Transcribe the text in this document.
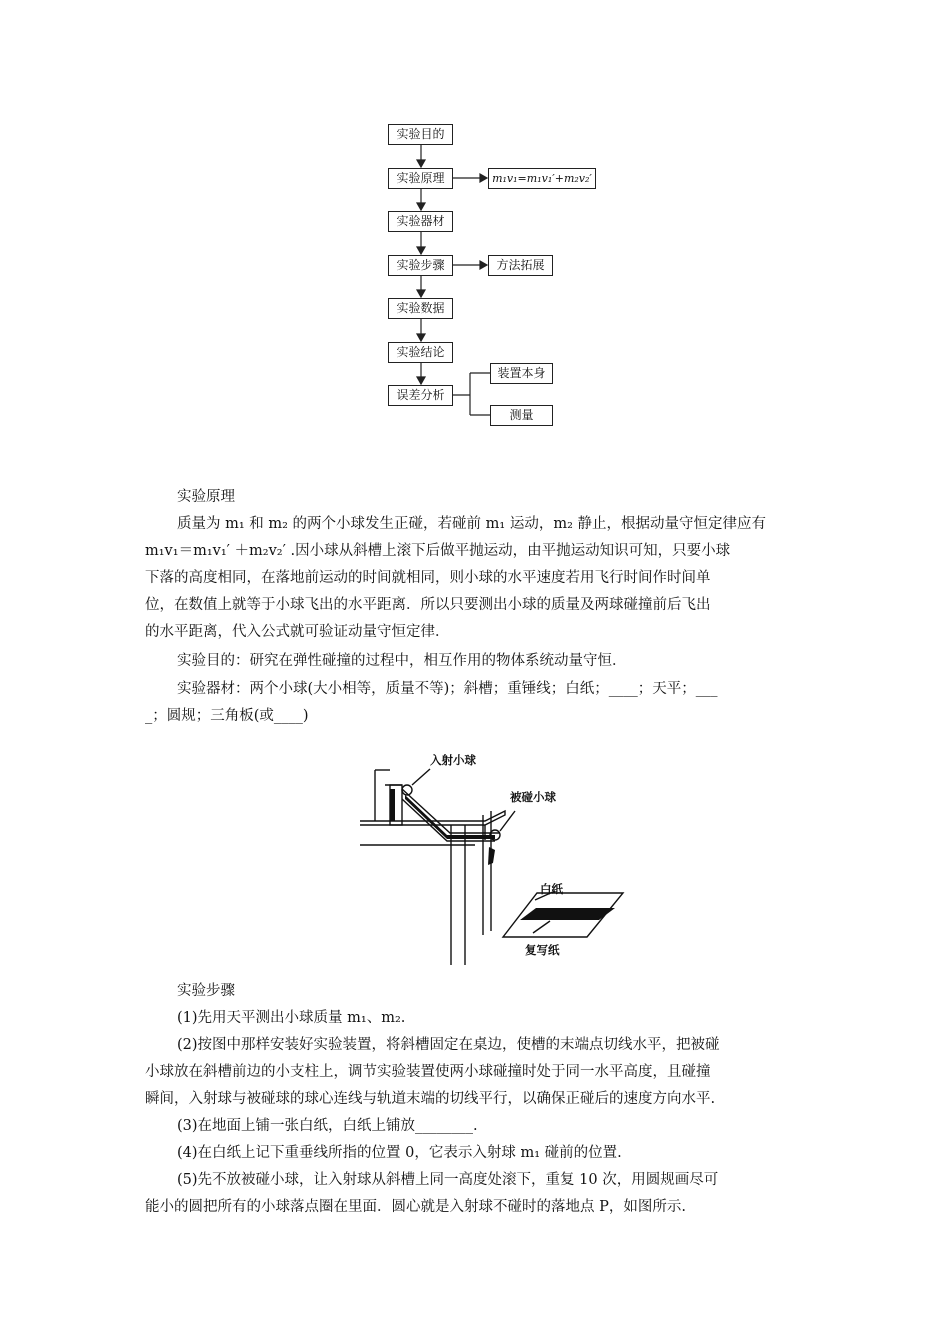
实验目的
实验原理
实验器材
实验步骤
实验数据
实验结论
误差分析
m₁v₁=m₁v₁′+m₂v₂′
方法拓展
装置本身
测量
实验原理
质量为 m₁ 和 m₂ 的两个小球发生正碰，若碰前 m₁ 运动，m₂ 静止，根据动量守恒定律应有
m₁v₁＝m₁v₁′ ＋m₂v₂′ .因小球从斜槽上滚下后做平抛运动，由平抛运动知识可知，只要小球
下落的高度相同，在落地前运动的时间就相同，则小球的水平速度若用飞行时间作时间单
位，在数值上就等于小球飞出的水平距离．所以只要测出小球的质量及两球碰撞前后飞出
的水平距离，代入公式就可验证动量守恒定律．
实验目的：研究在弹性碰撞的过程中，相互作用的物体系统动量守恒．
实验器材：两个小球(大小相等，质量不等)；斜槽；重锤线；白纸；____；天平；___
_；圆规；三角板(或____)
入射小球
被碰小球
白纸
复写纸
实验步骤
(1)先用天平测出小球质量 m₁、m₂.
(2)按图中那样安装好实验装置，将斜槽固定在桌边，使槽的末端点切线水平，把被碰
小球放在斜槽前边的小支柱上，调节实验装置使两小球碰撞时处于同一水平高度，且碰撞
瞬间，入射球与被碰球的球心连线与轨道末端的切线平行，以确保正碰后的速度方向水平.
(3)在地面上铺一张白纸，白纸上铺放________.
(4)在白纸上记下重垂线所指的位置 0，它表示入射球 m₁ 碰前的位置.
(5)先不放被碰小球，让入射球从斜槽上同一高度处滚下，重复 10 次，用圆规画尽可
能小的圆把所有的小球落点圈在里面．圆心就是入射球不碰时的落地点 P，如图所示.
